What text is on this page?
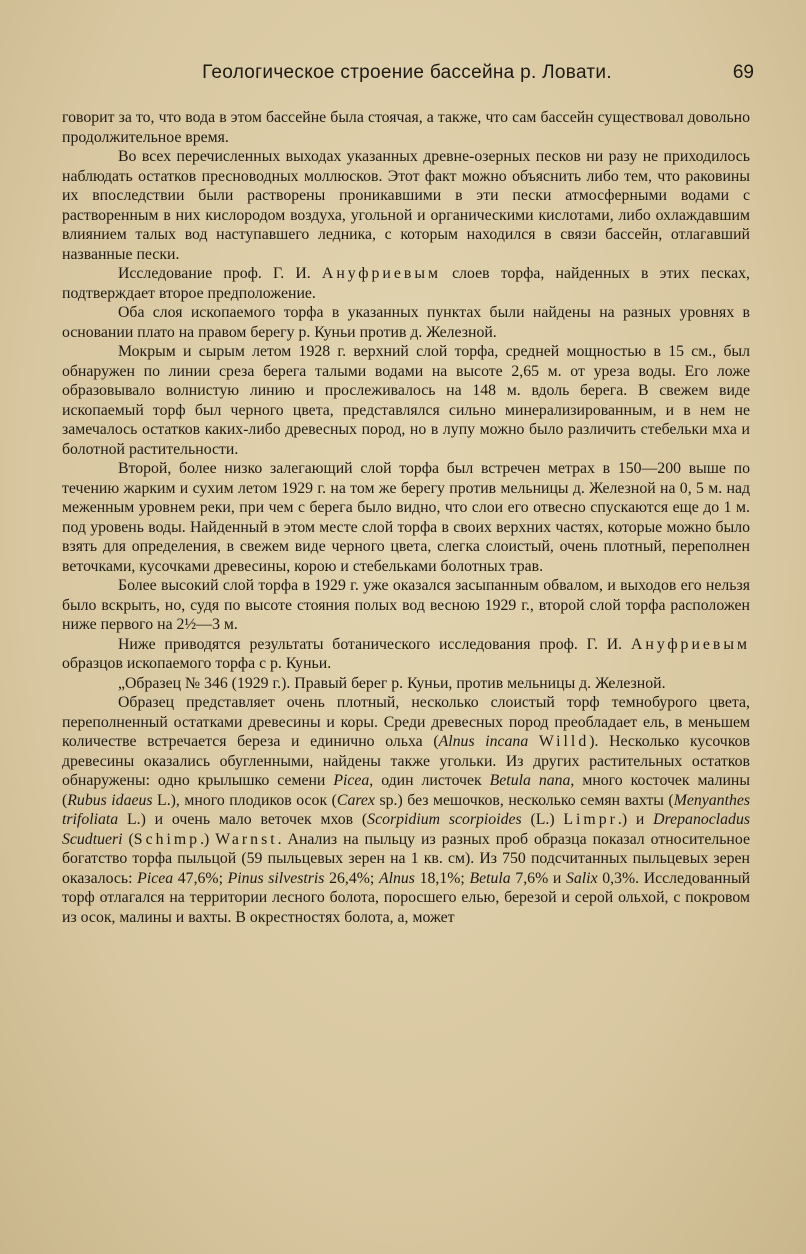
Геологическое строение бассейна р. Ловати.	69

говорит за то, что вода в этом бассейне была стоячая, а также, что сам бассейн существовал довольно продолжительное время.

Во всех перечисленных выходах указанных древне-озерных песков ни разу не приходилось наблюдать остатков пресноводных моллюсков. Этот факт можно объяснить либо тем, что раковины их впоследствии были растворены проникавшими в эти пески атмосферными водами с растворенным в них кислородом воздуха, угольной и органическими кислотами, либо охлаждавшим влиянием талых вод наступавшего ледника, с которым находился в связи бассейн, отлагавший названные пески.

Исследование проф. Г. И. Ануфриевым слоев торфа, найденных в этих песках, подтверждает второе предположение.

Оба слоя ископаемого торфа в указанных пунктах были найдены на разных уровнях в основании плато на правом берегу р. Куньи против д. Железной.

Мокрым и сырым летом 1928 г. верхний слой торфа, средней мощностью в 15 см., был обнаружен по линии среза берега талыми водами на высоте 2,65 м. от уреза воды. Его ложе образовывало волнистую линию и прослеживалось на 148 м. вдоль берега. В свежем виде ископаемый торф был черного цвета, представлялся сильно минерализированным, и в нем не замечалось остатков каких-либо древесных пород, но в лупу можно было различить стебельки мха и болотной растительности.

Второй, более низко залегающий слой торфа был встречен метрах в 150—200 выше по течению жарким и сухим летом 1929 г. на том же берегу против мельницы д. Железной на 0, 5 м. над меженным уровнем реки, при чем с берега было видно, что слои его отвесно спускаются еще до 1 м. под уровень воды. Найденный в этом месте слой торфа в своих верхних частях, которые можно было взять для определения, в свежем виде черного цвета, слегка слоистый, очень плотный, переполнен веточками, кусочками древесины, корою и стебельками болотных трав.

Более высокий слой торфа в 1929 г. уже оказался засыпанным обвалом, и выходов его нельзя было вскрыть, но, судя по высоте стояния полых вод весною 1929 г., второй слой торфа расположен ниже первого на 2½—3 м.

Ниже приводятся результаты ботанического исследования проф. Г. И. Ануфриевым образцов ископаемого торфа с р. Куньи.

„Образец № 346 (1929 г.). Правый берег р. Куньи, против мельницы д. Железной.

Образец представляет очень плотный, несколько слоистый торф темнобурого цвета, переполненный остатками древесины и коры. Среди древесных пород преобладает ель, в меньшем количестве встречается береза и единично ольха (Alnus incana Willd). Несколько кусочков древесины оказались обугленными, найдены также угольки. Из других растительных остатков обнаружены: одно крылышко семени Picea, один листочек Betula nana, много косточек малины (Rubus idaeus L.), много плодиков осок (Carex sp.) без мешочков, несколько семян вахты (Menyanthes trifoliata L.) и очень мало веточек мхов (Scorpidium scorpioides (L.) Limpr.) и Drepanocladus Scudtueri (Schimp.) Warnst. Анализ на пыльцу из разных проб образца показал относительное богатство торфа пыльцой (59 пыльцевых зерен на 1 кв. см). Из 750 подсчитанных пыльцевых зерен оказалось: Picea 47,6%; Pinus silvestris 26,4%; Alnus 18,1%; Betula 7,6% и Salix 0,3%. Исследованный торф отлагался на территории лесного болота, поросшего елью, березой и серой ольхой, с покровом из осок, малины и вахты. В окрестностях болота, а, может
